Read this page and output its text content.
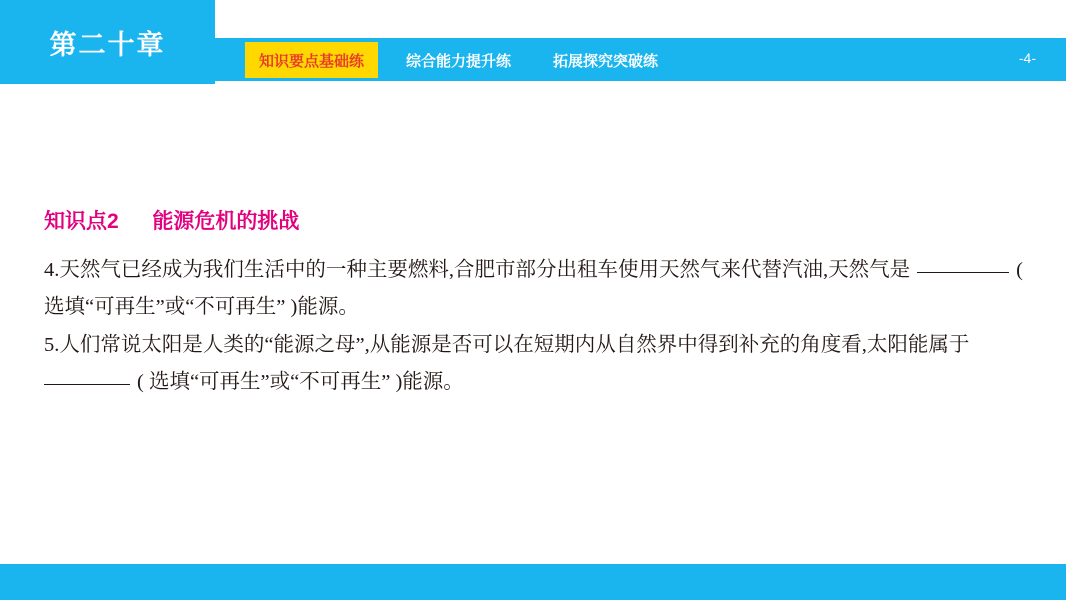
第二十章
知识要点基础练	综合能力提升练	拓展探究突破练	-4-
知识点2 能源危机的挑战
4.天然气已经成为我们生活中的一种主要燃料,合肥市部分出租车使用天然气来代替汽油,天然气是	( 选填“可再生”或“不可再生” )能源。
5.人们常说太阳是人类的“能源之母”,从能源是否可以在短期内从自然界中得到补充的角度看,太阳能属于( 选填“可再生”或“不可再生” )能源。
